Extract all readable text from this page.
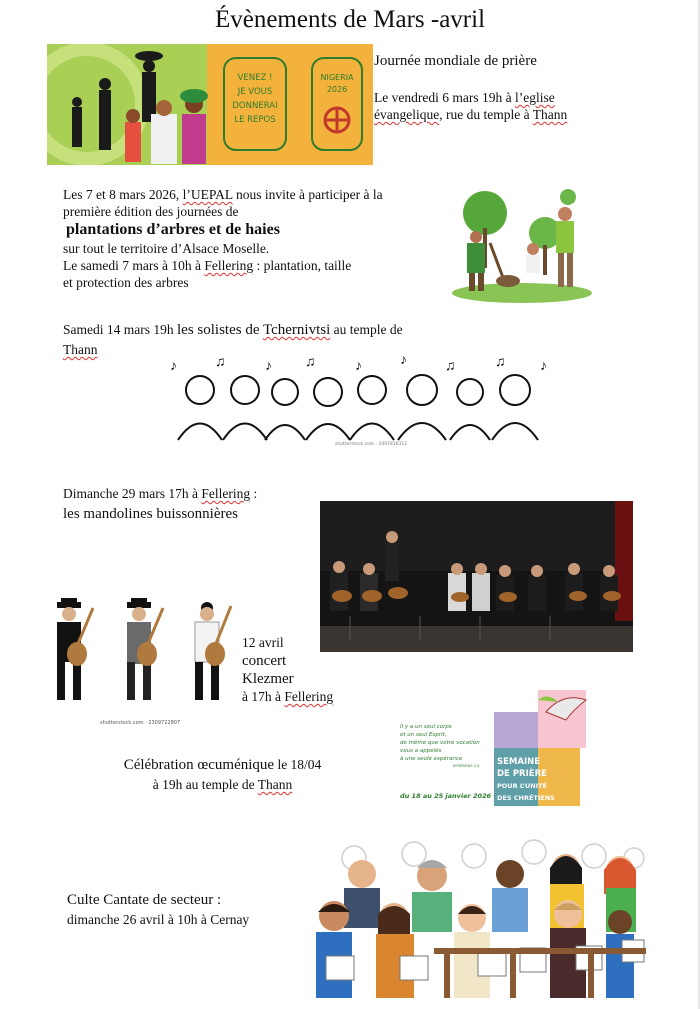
Évènements de Mars -avril
VENEZ !
JE VOUS
DONNERAI
LE REPOS
NIGERIA
2026
Journée mondiale de prière
Le vendredi 6 mars 19h à l’eglise
évangelique, rue du temple à Thann
Les 7 et 8 mars 2026, l’UEPAL nous invite à participer à la
première édition des journées de
plantations d’arbres et de haies
sur tout le territoire d’Alsace Moselle.
Le samedi 7 mars à 10h à Fellering : plantation, taille
et protection des arbres
Samedi 14 mars 19h les solistes de Tchernivtsi au temple de
Thann
♪	♫	♪ ♫	♪	♪	♫	♫ ♪
shutterstock.com · 1097816312
Dimanche 29 mars 17h à Fellering :
les mandolines buissonnières
shutterstock.com · 2309722807
12 avril
concert
Klezmer
à 17h à Fellering
Célébration œcuménique le 18/04
à 19h au temple de Thann
Il y a un seul corps
et un seul Esprit,
de même que votre vocation
vous a appelés
à une seule espérance
EPHÉSIENS 4,4
du 18 au 25 janvier 2026
SEMAINE
DE PRIÈRE
POUR L’UNITÉ
DES CHRÉTIENS
Culte Cantate de secteur :
dimanche 26 avril à 10h à Cernay
